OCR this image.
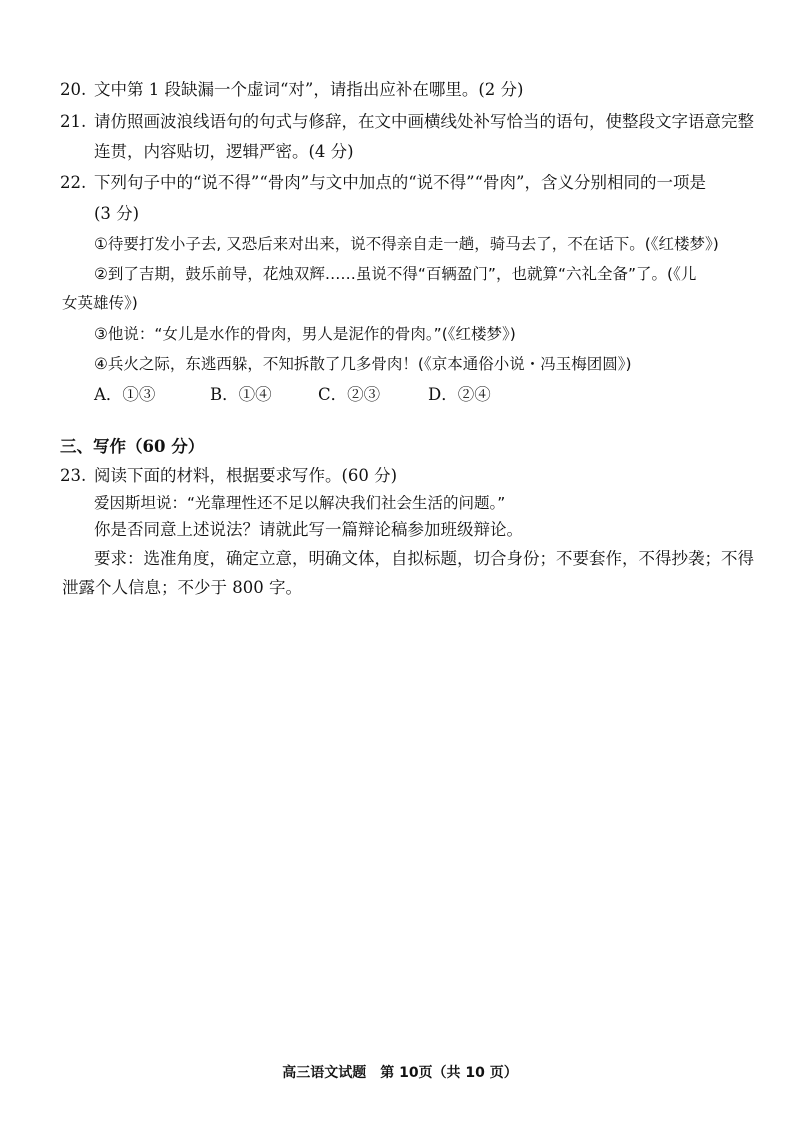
20. 文中第 1 段缺漏一个虚词“对”，请指出应补在哪里。(2 分)
21. 请仿照画波浪线语句的句式与修辞，在文中画横线处补写恰当的语句，使整段文字语意完整
连贯，内容贴切，逻辑严密。(4 分)
22. 下列句子中的“说不得”“骨肉”与文中加点的“说不得”“骨肉”，含义分别相同的一项是
(3 分)
①待要打发小子去, 又恐后来对出来，说不得亲自走一趟，骑马去了，不在话下。(《红楼梦》)
②到了吉期，鼓乐前导，花烛双辉……虽说不得“百辆盈门”，也就算“六礼全备”了。(《儿
女英雄传》)
③他说：“女儿是水作的骨肉，男人是泥作的骨肉。”(《红楼梦》)
④兵火之际，东逃西躲，不知拆散了几多骨肉！(《京本通俗小说・冯玉梅团圆》)
A．①③	B．①④	C．②③	D．②④
三、写作（60 分）
23. 阅读下面的材料，根据要求写作。(60 分)
爱因斯坦说：“光靠理性还不足以解决我们社会生活的问题。”
你是否同意上述说法？请就此写一篇辩论稿参加班级辩论。
要求：选准角度，确定立意，明确文体，自拟标题，切合身份；不要套作，不得抄袭；不得
泄露个人信息；不少于 800 字。
高三语文试题　第 10页（共 10 页）
